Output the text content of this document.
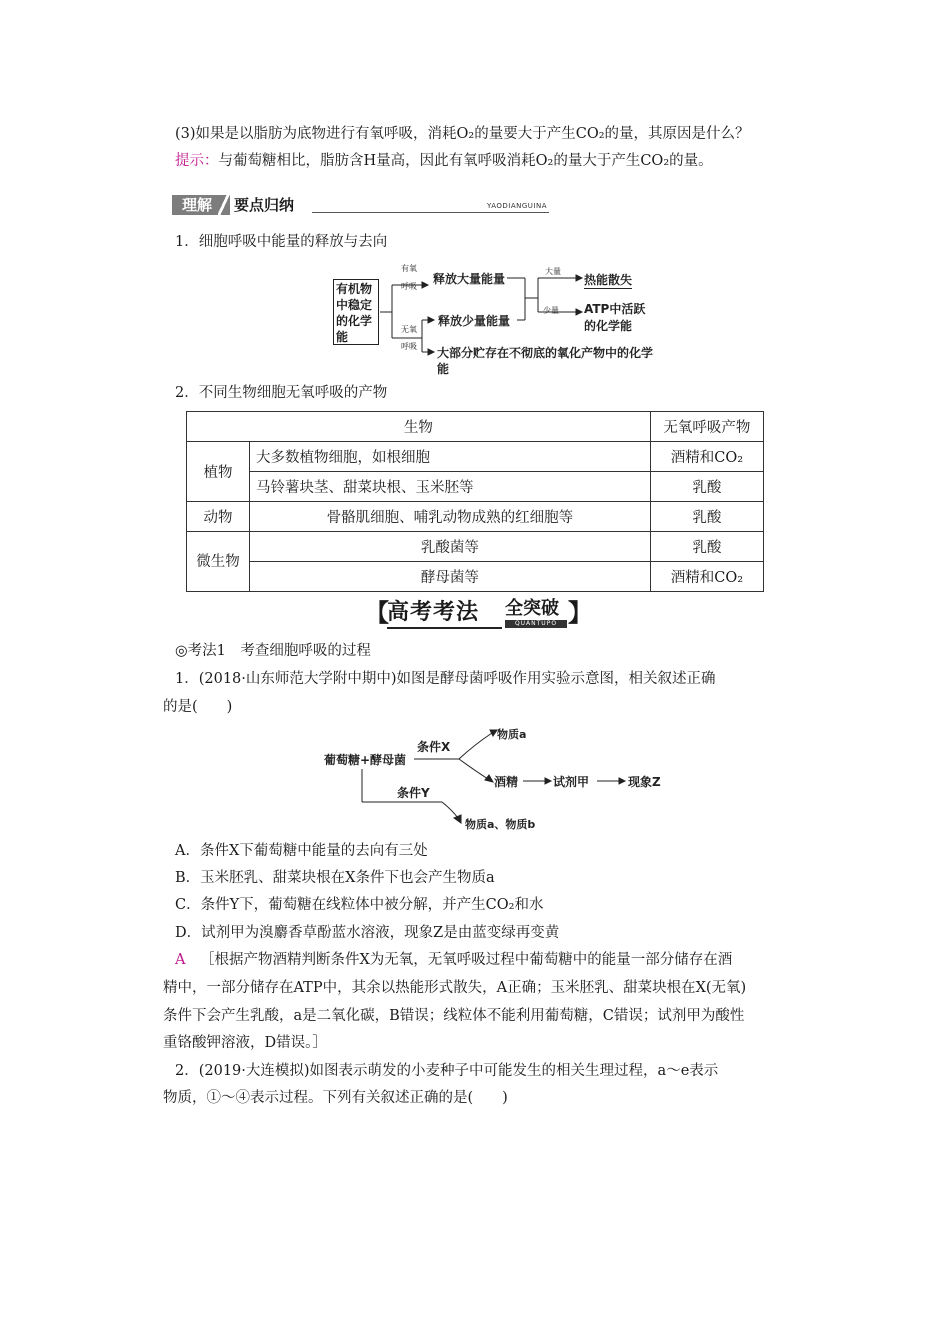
(3)如果是以脂肪为底物进行有氧呼吸，消耗O₂的量要大于产生CO₂的量，其原因是什么？
提示：与葡萄糖相比，脂肪含H量高，因此有氧呼吸消耗O₂的量大于产生CO₂的量。
理解	要点归纳	YAODIANGUINA
1．细胞呼吸中能量的释放与去向
有机物中稳定的化学能
有氧
呼吸
无氧
呼吸
释放大量能量
释放少量能量
大量
少量
热能散失
ATP中活跃的化学能
大部分贮存在不彻底的氧化产物中的化学能
2．不同生物细胞无氧呼吸的产物
生物		无氧呼吸产物
植物	大多数植物细胞，如根细胞	酒精和CO₂
	马铃薯块茎、甜菜块根、玉米胚等	乳酸
动物	骨骼肌细胞、哺乳动物成熟的红细胞等	乳酸
微生物	乳酸菌等	乳酸
	酵母菌等	酒精和CO₂
【
高考考法 全突破
QUANTUPO 】
◎考法1　考查细胞呼吸的过程
1．(2018·山东师范大学附中期中)如图是酵母菌呼吸作用实验示意图，相关叙述正确
的是(　　)
葡萄糖+酵母菌
条件X
物质a
酒精	试剂甲	现象Z
条件Y
物质a、物质b
A．条件X下葡萄糖中能量的去向有三处
B．玉米胚乳、甜菜块根在X条件下也会产生物质a
C．条件Y下，葡萄糖在线粒体中被分解，并产生CO₂和水
D．试剂甲为溴麝香草酚蓝水溶液，现象Z是由蓝变绿再变黄
A  ［根据产物酒精判断条件X为无氧，无氧呼吸过程中葡萄糖中的能量一部分储存在酒
精中，一部分储存在ATP中，其余以热能形式散失，A正确；玉米胚乳、甜菜块根在X(无氧)
条件下会产生乳酸，a是二氧化碳，B错误；线粒体不能利用葡萄糖，C错误；试剂甲为酸性
重铬酸钾溶液，D错误。］
2．(2019·大连模拟)如图表示萌发的小麦种子中可能发生的相关生理过程，a～e表示
物质，①～④表示过程。下列有关叙述正确的是(　　)
